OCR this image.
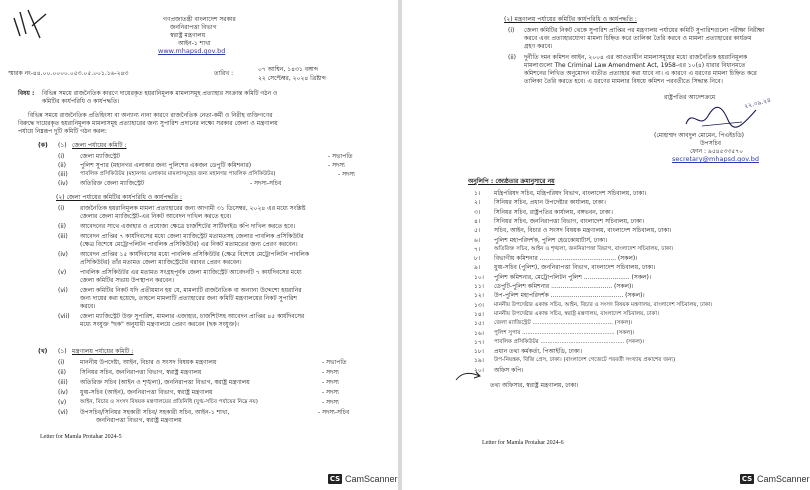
গণপ্রজাতন্ত্রী বাংলাদেশ সরকার
জননিরাপত্তা বিভাগ
স্বরাষ্ট্র মন্ত্রণালয়
আইন-১ শাখা
www.mhapsd.gov.bd
স্মারক নং-৪৪.০০.০০০০.০৫৩.০৫.০০১.১৬-২৪৩	তারিখ :
০৭ আশ্বিন, ১৪৩১ বঙ্গাব্দ
২২ সেপ্টেম্বর, ২০২৪ খ্রিষ্টাব্দ
বিষয় : বিভিন্ন সময়ে রাজনৈতিক কারণে দায়েরকৃত হয়রানিমূলক মামলাসমূহ প্রত্যাহার সংক্রান্ত কমিটি গঠন ও
কমিটির কার্যপরিধি ও কার্যপদ্ধতি।
বিভিন্ন সময়ে রাজনৈতিক প্রতিহিংসা বা অন্যান্য নানা কারণে রাজনৈতিক নেতা-কর্মী ও নিরীহ ব্যক্তিগণের
বিরুদ্ধে দায়েরকৃত হয়রানিমূলক মামলাসমূহ প্রত্যাহারের জন্য সুপারিশ প্রদানের লক্ষ্যে সরকার জেলা ও মন্ত্রণালয়
পর্যায়ে নিম্নরূপ দুটি কমিটি গঠন করল:
(ক) (১) জেলা পর্যায়ের কমিটি :
(i)	জেলা ম্যাজিস্ট্রেট	- সভাপতি
(ii) পুলিশ সুপার (মহানগর এলাকার জন্য পুলিশের একজন ডেপুটি কমিশনার)	- সদস্য
(iii) পাবলিক প্রসিকিউটর (মহানগর এলাকার মামলাসমূহের জন্য মহানগর পাবলিক প্রসিকিউটর)	- সদস্য
(iv) অতিরিক্ত জেলা ম্যাজিস্ট্রেট	- সদস্য-সচিব
(২) জেলা পর্যায়ের কমিটির কার্যপরিধি ও কার্যপদ্ধতি :
(i)	রাজনৈতিক হয়রানিমূলক মামলা প্রত্যাহারের জন্য আগামী ৩১ ডিসেম্বর, ২০২৪ এর মধ্যে সংশ্লিষ্ট
জেলার জেলা ম্যাজিস্ট্রেট-এর নিকট আবেদন দাখিল করতে হবে।
(ii) আবেদনের সাথে এজাহার ও প্রযোজ্য ক্ষেত্রে চার্জশিটের সার্টিফাইড কপি দাখিল করতে হবে।
(iii) আবেদন প্রাপ্তির ৭ কার্যদিবসের মধ্যে জেলা ম্যাজিস্ট্রেট মতামতসহ জেলার পাবলিক প্রসিকিউটর
(ক্ষেত্র বিশেষে মেট্রোপলিটন পাবলিক প্রসিকিউটর) এর নিকট মতামতের জন্য প্রেরণ করবেন।
(iv) আবেদন প্রাপ্তির ১৫ কার্যদিবসের মধ্যে পাবলিক প্রসিকিউটর (ক্ষেত্র বিশেষে মেট্রোপলিটন পাবলিক
প্রসিকিউটর) তাঁর মতামত জেলা ম্যাজিস্ট্রেটের বরাবর প্রেরণ করবেন।
(v) পাবলিক প্রসিকিউটর এর মতামত সংগ্রহপূর্বক জেলা ম্যাজিস্ট্রেট আবেদনটি ৭ কার্যদিবসের মধ্যে
জেলা কমিটির সভায় উপস্থাপন করবেন।
(vi) জেলা কমিটির নিকট যদি প্রতীয়মান হয় যে, মামলাটি রাজনৈতিক বা অন্যান্য উদ্দেশ্যে হয়রানির
জন্য দায়ের করা হয়েছে, তাহলে মামলাটি প্রত্যাহারের জন্য কমিটি মন্ত্রণালয়ের নিকট সুপারিশ
করবে।
(vii) জেলা ম্যাজিস্ট্রেট উক্ত সুপারিশ, মামলার এজাহার, চার্জশিটসহ আবেদন প্রাপ্তির ৪৫ কার্যদিবসের
মধ্যে সংযুক্ত "ছক" অনুযায়ী মন্ত্রণালয়ে প্রেরণ করবেন (ছক সংযুক্ত)।
(খ) (১) মন্ত্রণালয় পর্যায়ের কমিটি :
(i)	মাননীয় উপদেষ্টা, আইন, বিচার ও সংসদ বিষয়ক মন্ত্রণালয়	- সভাপতি
(ii) সিনিয়র সচিব, জননিরাপত্তা বিভাগ, স্বরাষ্ট্র মন্ত্রণালয়	- সদস্য
(iii) অতিরিক্ত সচিব (আইন ও শৃঙ্খলা), জননিরাপত্তা বিভাগ, স্বরাষ্ট্র মন্ত্রণালয়	- সদস্য
(iv) যুগ্ম-সচিব (আইন), জননিরাপত্তা বিভাগ, স্বরাষ্ট্র মন্ত্রণালয়	- সদস্য
(v)	আইন, বিচার ও সংসদ বিষয়ক মন্ত্রণালয়ের প্রতিনিধি (যুগ্ম-সচিব পর্যায়ের নিম্নে নয়)	- সদস্য
(vi) উপসচিব/সিনিয়র সহকারী সচিব/ সহকারী সচিব, আইন-১ শাখা,	- সদস্য-সচিব
জননিরাপত্তা বিভাগ, স্বরাষ্ট্র মন্ত্রণালয়
Letter for Mamla Protahar 2024-5
CS CamScanner
(২) মন্ত্রণালয় পর্যায়ের কমিটির কার্যপরিধি ও কার্যপদ্ধতি :
(i) জেলা কমিটির নিকট থেকে সুপারিশ প্রাপ্তির পর মন্ত্রণালয় পর্যায়ের কমিটি সুপারিশগুলো পরীক্ষা নিরীক্ষা
করবে এবং প্রত্যাহারযোগ্য মামলা চিহ্নিত করে তালিকা তৈরি করবে ও মামলা প্রত্যাহারের কার্যক্রম
গ্রহণ করবে।
(ii) দুর্নীতি দমন কমিশন আইন, ২০০৪ এর আওতাধীন মামলাসমূহের মধ্যে রাজনৈতিক হয়রানিমূলক
মামলাগুলো The Criminal Law Amendment Act, 1958-এর ১০(৪) ধারার বিধানমতে
কমিশনের লিখিত অনুমোদন ব্যতীত প্রত্যাহার করা যাবে না। এ কারণে এ ধরণের মামলা চিহ্নিত করে
তালিকা তৈরি করতে হবে। এ ধরণের মামলার বিষয়ে কমিশন পরবর্তীতে সিদ্ধান্ত নিবে।
রাষ্ট্রপতির আদেশক্রমে	২২.০৯.২৪
(মোহাম্মদ আবদুল মোমেন, পিএইচডি)
উপসচিব
ফোন : ৯৫৪৫৩৩৫৭০
secretary@mhapsd.gov.bd
অনুলিপি : জ্যেষ্ঠতার ক্রমানুসারে নয়
১। মন্ত্রিপরিষদ সচিব, মন্ত্রিপরিষদ বিভাগ, বাংলাদেশ সচিবালয়, ঢাকা।
২। সিনিয়র সচিব, প্রধান উপদেষ্টার কার্যালয়, ঢাকা।
৩। সিনিয়র সচিব, রাষ্ট্রপতির কার্যালয়, বঙ্গভবন, ঢাকা।
৪। সিনিয়র সচিব, জননিরাপত্তা বিভাগ, বাংলাদেশ সচিবালয়, ঢাকা।
৫। সচিব, আইন, বিচার ও সংসদ বিষয়ক মন্ত্রণালয়, বাংলাদেশ সচিবালয়, ঢাকা।
৬। পুলিশ মহাপরিদর্শক, পুলিশ হেডকোয়ার্টার্স, ঢাকা।
৭।	অতিরিক্ত সচিব, আইন ও শৃঙ্খলা, জননিরাপত্তা বিভাগ, বাংলাদেশ সচিবালয়, ঢাকা।
৮। বিভাগীয় কমিশনার ........................................ (সকল)।
৯। যুগ্ম-সচিব (পুলিশ), জননিরাপত্তা বিভাগ, বাংলাদেশ সচিবালয়, ঢাকা।
১০। পুলিশ কমিশনার, মেট্রোপলিটন পুলিশ ........................ (সকল)।
১১। ডেপুটি-পুলিশ কমিশনার ................................ (সকল)।
১২। উপ-পুলিশ মহাপরিদর্শক ...................................... (সকল)।
১৩। মাননীয় উপদেষ্টার একান্ত সচিব, আইন, বিচার ও সংসদ বিষয়ক মন্ত্রণালয়, বাংলাদেশ সচিবালয়, ঢাকা।
১৪। মাননীয় উপদেষ্টার একান্ত সচিব, স্বরাষ্ট্র মন্ত্রণালয়, বাংলাদেশ সচিবালয়, ঢাকা।
১৫। জেলা ম্যাজিস্ট্রেট .............................................. (সকল)।
১৬। পুলিশ সুপার ..................................................... (সকল)।
১৭। পাবলিক প্রসিকিউটর ................................................ (সকল)।
১৮। প্রধান তথ্য কর্মকর্তা, পিআইডি, ঢাকা।
১৯। উপ-নিয়ন্ত্রক, বিজি প্রেস, ঢাকা। (বাংলাদেশ গেজেটে পরবর্তী সংখ্যায় প্রকাশের জন্য)
২০। অফিস কপি।
তথ্য অফিসার, স্বরাষ্ট্র মন্ত্রণালয়, ঢাকা।
Letter for Mamla Protahar 2024-6
CS CamScanner
